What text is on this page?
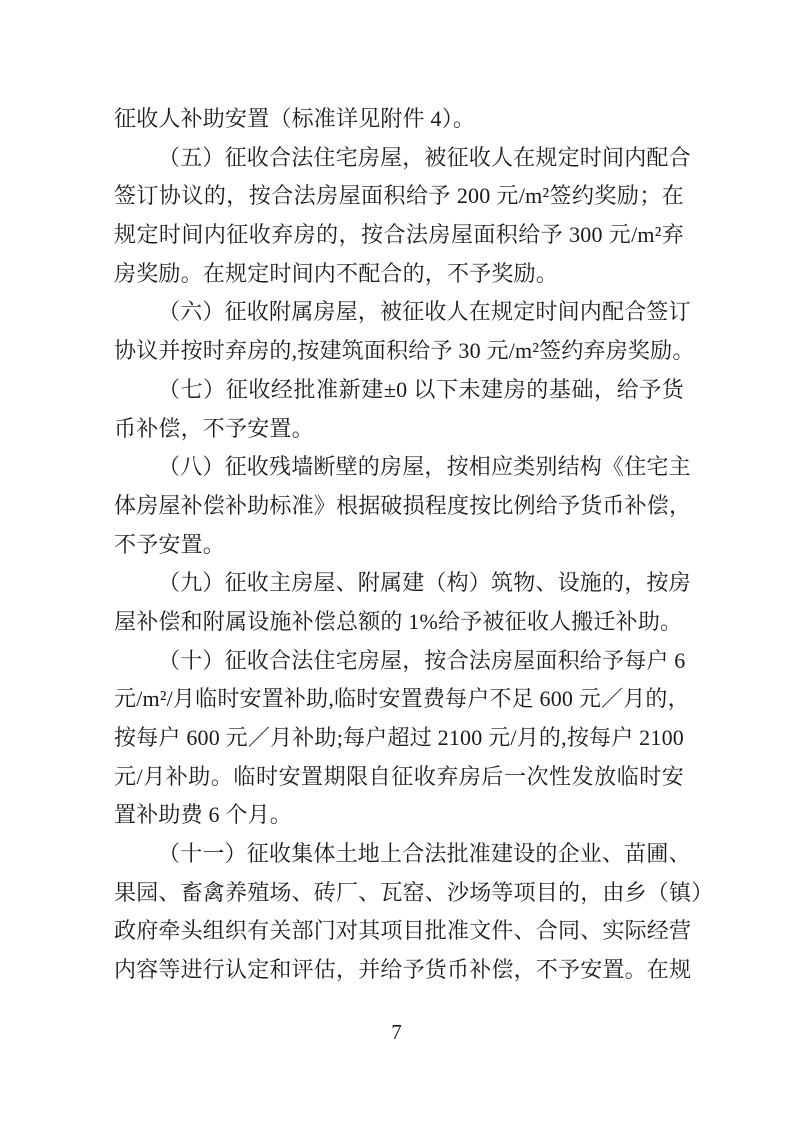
征收人补助安置（标准详见附件 4）。
（五）征收合法住宅房屋，被征收人在规定时间内配合
签订协议的，按合法房屋面积给予 200 元/m²签约奖励；在
规定时间内征收弃房的，按合法房屋面积给予 300 元/m²弃
房奖励。在规定时间内不配合的，不予奖励。
（六）征收附属房屋，被征收人在规定时间内配合签订
协议并按时弃房的,按建筑面积给予 30 元/m²签约弃房奖励。
（七）征收经批准新建±0 以下未建房的基础，给予货
币补偿，不予安置。
（八）征收残墙断壁的房屋，按相应类别结构《住宅主
体房屋补偿补助标准》根据破损程度按比例给予货币补偿，
不予安置。
（九）征收主房屋、附属建（构）筑物、设施的，按房
屋补偿和附属设施补偿总额的 1%给予被征收人搬迁补助。
（十）征收合法住宅房屋，按合法房屋面积给予每户 6
元/m²/月临时安置补助,临时安置费每户不足 600 元／月的，
按每户 600 元／月补助;每户超过 2100 元/月的,按每户 2100
元/月补助。临时安置期限自征收弃房后一次性发放临时安
置补助费 6 个月。
（十一）征收集体土地上合法批准建设的企业、苗圃、
果园、畜禽养殖场、砖厂、瓦窑、沙场等项目的，由乡（镇）
政府牵头组织有关部门对其项目批准文件、合同、实际经营
内容等进行认定和评估，并给予货币补偿，不予安置。在规
7
